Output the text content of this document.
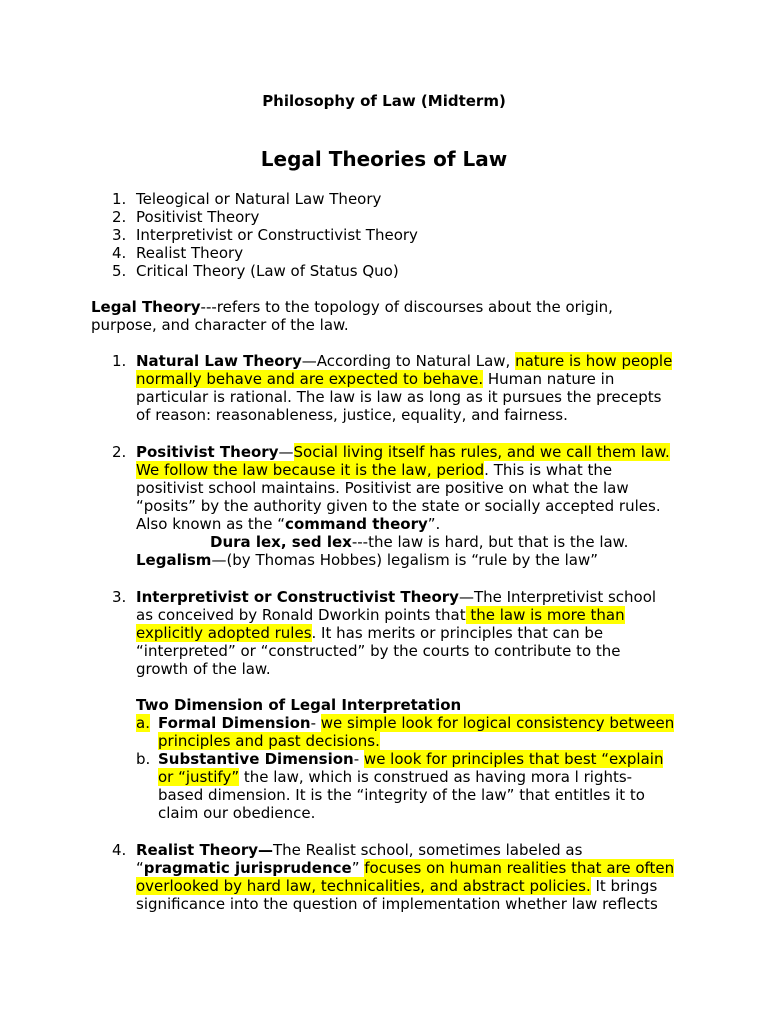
Philosophy of Law (Midterm)
Legal Theories of Law
1. Teleogical or Natural Law Theory
2. Positivist Theory
3. Interpretivist or Constructivist Theory
4. Realist Theory
5. Critical Theory (Law of Status Quo)
Legal Theory---refers to the topology of discourses about the origin,
purpose, and character of the law.
1. Natural Law Theory—According to Natural Law, nature is how people
normally behave and are expected to behave. Human nature in
particular is rational. The law is law as long as it pursues the precepts
of reason: reasonableness, justice, equality, and fairness.
2. Positivist Theory—Social living itself has rules, and we call them law.
We follow the law because it is the law, period. This is what the
positivist school maintains. Positivist are positive on what the law
“posits” by the authority given to the state or socially accepted rules.
Also known as the “command theory”.
Dura lex, sed lex---the law is hard, but that is the law.
Legalism—(by Thomas Hobbes) legalism is “rule by the law”
3. Interpretivist or Constructivist Theory—The Interpretivist school
as conceived by Ronald Dworkin points that the law is more than
explicitly adopted rules. It has merits or principles that can be
“interpreted” or “constructed” by the courts to contribute to the
growth of the law.
Two Dimension of Legal Interpretation
a. Formal Dimension- we simple look for logical consistency between
principles and past decisions.
b. Substantive Dimension- we look for principles that best “explain
or “justify” the law, which is construed as having mora l rights-
based dimension. It is the “integrity of the law” that entitles it to
claim our obedience.
4. Realist Theory—The Realist school, sometimes labeled as
“pragmatic jurisprudence” focuses on human realities that are often
overlooked by hard law, technicalities, and abstract policies. It brings
significance into the question of implementation whether law reflects
